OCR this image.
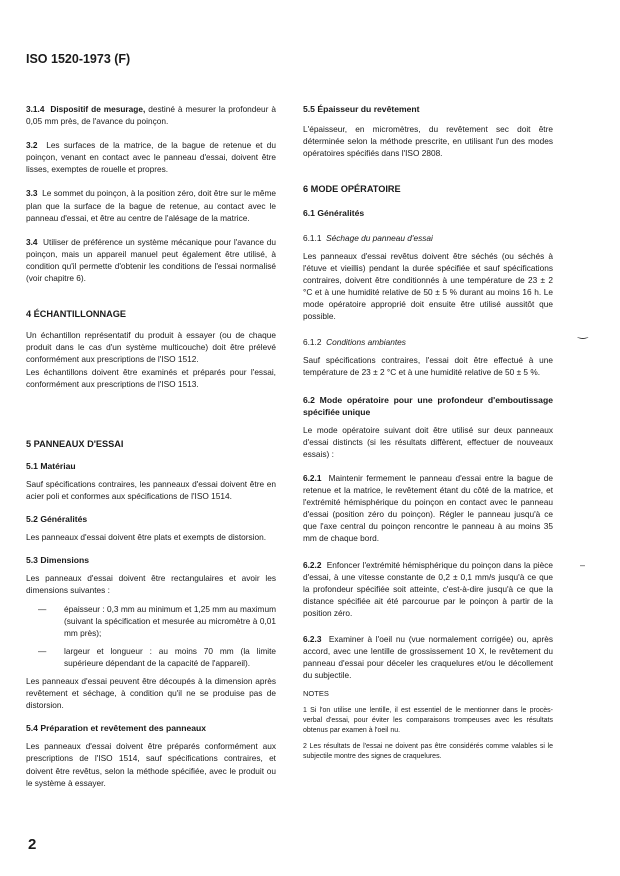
ISO 1520-1973 (F)

3.1.4 Dispositif de mesurage, destiné à mesurer la profondeur à 0,05 mm près, de l'avance du poinçon.

3.2 Les surfaces de la matrice, de la bague de retenue et du poinçon, venant en contact avec le panneau d'essai, doivent être lisses, exemptes de rouelle et propres.

3.3 Le sommet du poinçon, à la position zéro, doit être sur le même plan que la surface de la bague de retenue, au contact avec le panneau d'essai, et être au centre de l'alésage de la matrice.

3.4 Utiliser de préférence un système mécanique pour l'avance du poinçon, mais un appareil manuel peut également être utilisé, à condition qu'il permette d'obtenir les conditions de l'essai normalisé (voir chapitre 6).

4 ÉCHANTILLONNAGE

Un échantillon représentatif du produit à essayer (ou de chaque produit dans le cas d'un système multicouche) doit être prélevé conformément aux prescriptions de l'ISO 1512.

Les échantillons doivent être examinés et préparés pour l'essai, conformément aux prescriptions de l'ISO 1513.

5 PANNEAUX D'ESSAI

5.1 Matériau

Sauf spécifications contraires, les panneaux d'essai doivent être en acier poli et conformes aux spécifications de l'ISO 1514.

5.2 Généralités

Les panneaux d'essai doivent être plats et exempts de distorsion.

5.3 Dimensions

Les panneaux d'essai doivent être rectangulaires et avoir les dimensions suivantes :

— épaisseur : 0,3 mm au minimum et 1,25 mm au maximum (suivant la spécification et mesurée au micromètre à 0,01 mm près);

— largeur et longueur : au moins 70 mm (la limite supérieure dépendant de la capacité de l'appareil).

Les panneaux d'essai peuvent être découpés à la dimension après revêtement et séchage, à condition qu'il ne se produise pas de distorsion.

5.4 Préparation et revêtement des panneaux

Les panneaux d'essai doivent être préparés conformément aux prescriptions de l'ISO 1514, sauf spécifications contraires, et doivent être revêtus, selon la méthode spécifiée, avec le produit ou le système à essayer.

5.5 Épaisseur du revêtement

L'épaisseur, en micromètres, du revêtement sec doit être déterminée selon la méthode prescrite, en utilisant l'un des modes opératoires spécifiés dans l'ISO 2808.

6 MODE OPÉRATOIRE

6.1 Généralités

6.1.1 Séchage du panneau d'essai

Les panneaux d'essai revêtus doivent être séchés (ou séchés à l'étuve et vieillis) pendant la durée spécifiée et sauf spécifications contraires, doivent être conditionnés à une température de 23 ± 2 °C et à une humidité relative de 50 ± 5 % durant au moins 16 h. Le mode opératoire approprié doit ensuite être utilisé aussitôt que possible.

6.1.2 Conditions ambiantes

Sauf spécifications contraires, l'essai doit être effectué à une température de 23 ± 2 °C et à une humidité relative de 50 ± 5 %.

6.2 Mode opératoire pour une profondeur d'emboutissage spécifiée unique

Le mode opératoire suivant doit être utilisé sur deux panneaux d'essai distincts (si les résultats diffèrent, effectuer de nouveaux essais) :

6.2.1 Maintenir fermement le panneau d'essai entre la bague de retenue et la matrice, le revêtement étant du côté de la matrice, et l'extrémité hémisphérique du poinçon en contact avec le panneau d'essai (position zéro du poinçon). Régler le panneau jusqu'à ce que l'axe central du poinçon rencontre le panneau à au moins 35 mm de chaque bord.

6.2.2 Enfoncer l'extrémité hémisphérique du poinçon dans la pièce d'essai, à une vitesse constante de 0,2 ± 0,1 mm/s jusqu'à ce que la profondeur spécifiée soit atteinte, c'est-à-dire jusqu'à ce que la distance spécifiée ait été parcourue par le poinçon à partir de la position zéro.

6.2.3 Examiner à l'oeil nu (vue normalement corrigée) ou, après accord, avec une lentille de grossissement 10 X, le revêtement du panneau d'essai pour déceler les craquelures et/ou le décollement du subjectile.

NOTES

1 Si l'on utilise une lentille, il est essentiel de le mentionner dans le procès-verbal d'essai, pour éviter les comparaisons trompeuses avec les résultats obtenus par examen à l'oeil nu.

2 Les résultats de l'essai ne doivent pas être considérés comme valables si le subjectile montre des signes de craquelures.

‿
–
2
